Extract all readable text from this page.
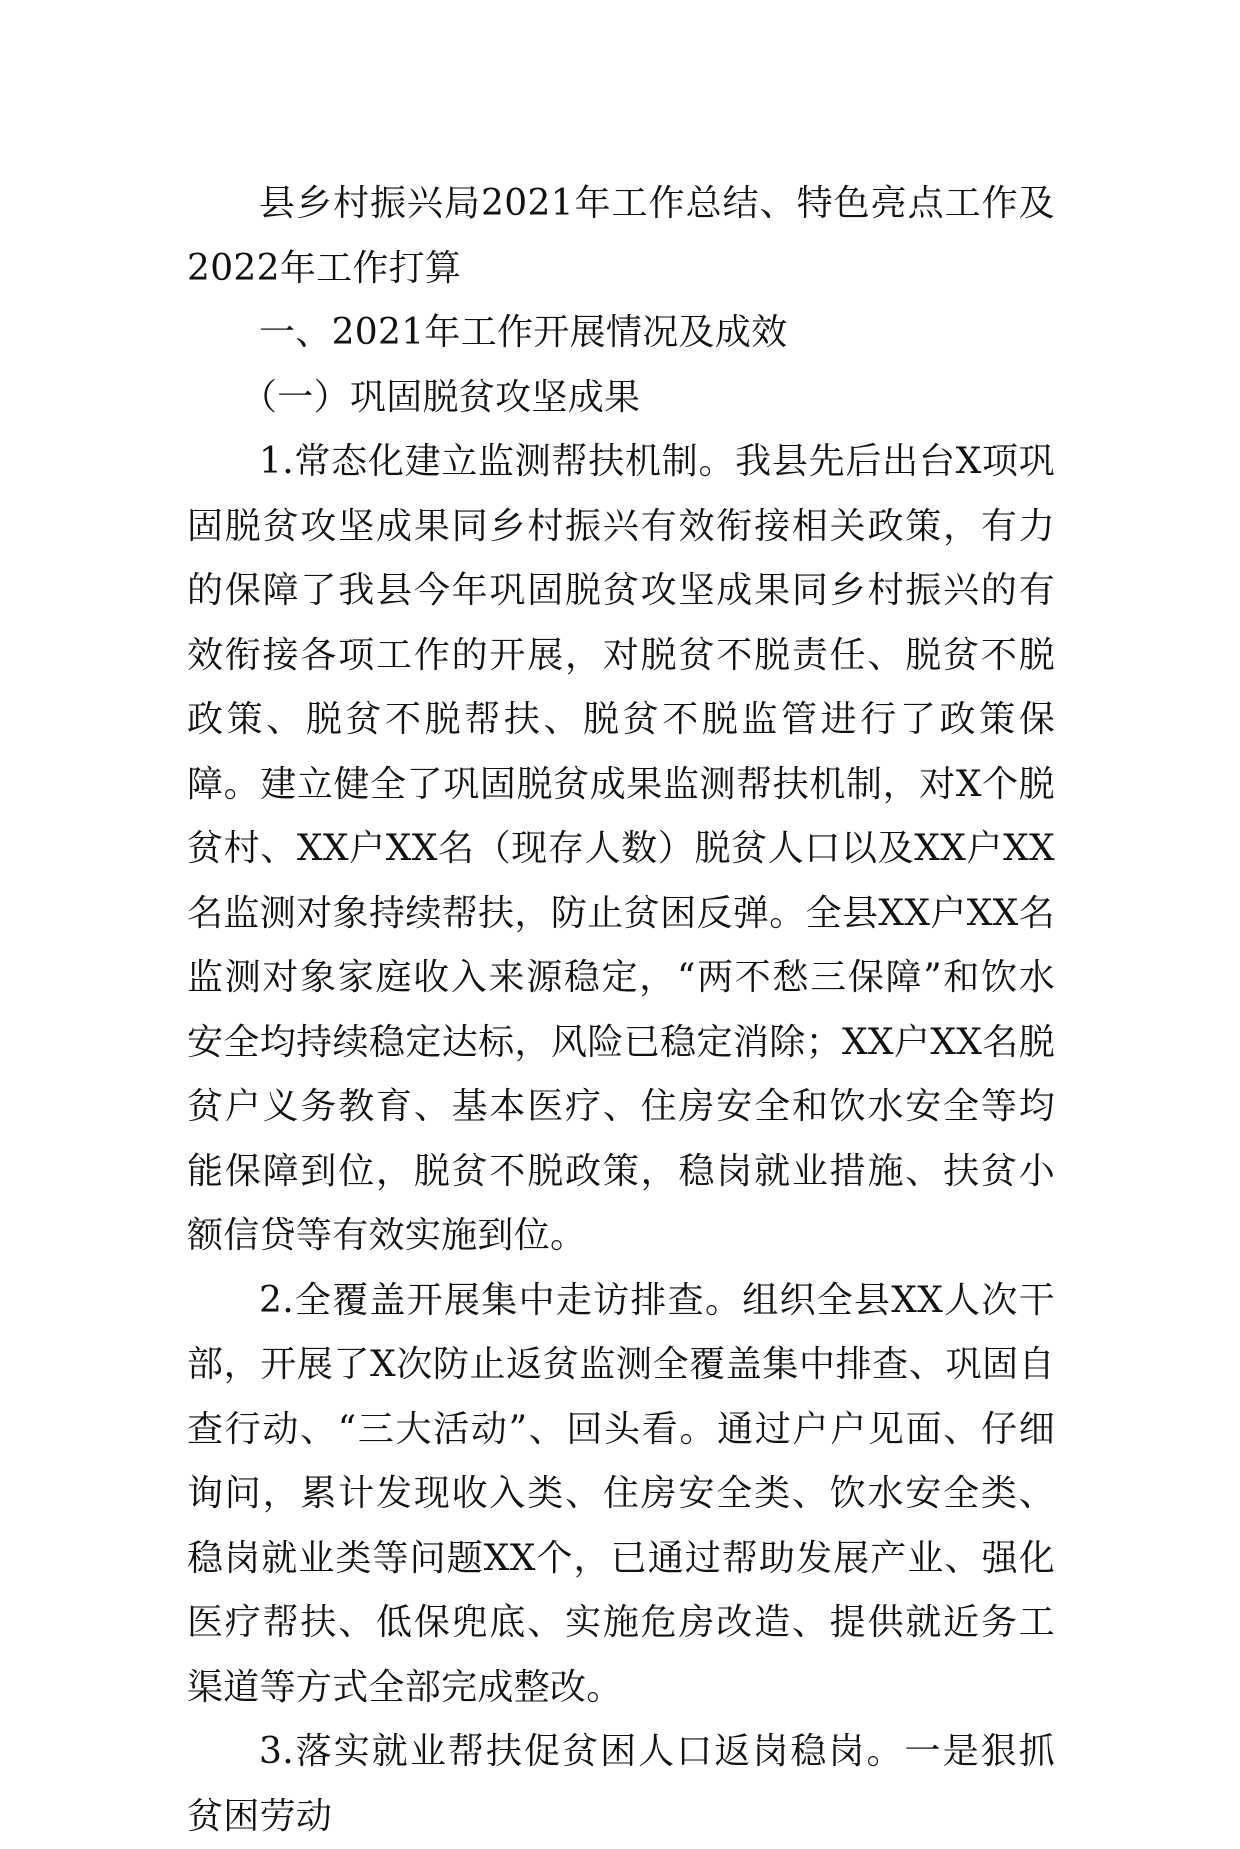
县乡村振兴局2021年工作总结、特色亮点工作及2022年工作打算

一、2021年工作开展情况及成效

（一）巩固脱贫攻坚成果

1.常态化建立监测帮扶机制。我县先后出台X项巩固脱贫攻坚成果同乡村振兴有效衔接相关政策，有力的保障了我县今年巩固脱贫攻坚成果同乡村振兴的有效衔接各项工作的开展，对脱贫不脱责任、脱贫不脱政策、脱贫不脱帮扶、脱贫不脱监管进行了政策保障。建立健全了巩固脱贫成果监测帮扶机制，对X个脱贫村、XX户XX名（现存人数）脱贫人口以及XX户XX名监测对象持续帮扶，防止贫困反弹。全县XX户XX名监测对象家庭收入来源稳定，“两不愁三保障”和饮水安全均持续稳定达标，风险已稳定消除；XX户XX名脱贫户义务教育、基本医疗、住房安全和饮水安全等均能保障到位，脱贫不脱政策，稳岗就业措施、扶贫小额信贷等有效实施到位。

2.全覆盖开展集中走访排查。组织全县XX人次干部，开展了X次防止返贫监测全覆盖集中排查、巩固自查行动、“三大活动”、回头看。通过户户见面、仔细询问，累计发现收入类、住房安全类、饮水安全类、稳岗就业类等问题XX个，已通过帮助发展产业、强化医疗帮扶、低保兜底、实施危房改造、提供就近务工渠道等方式全部完成整改。

3.落实就业帮扶促贫困人口返岗稳岗。一是狠抓贫困劳动
